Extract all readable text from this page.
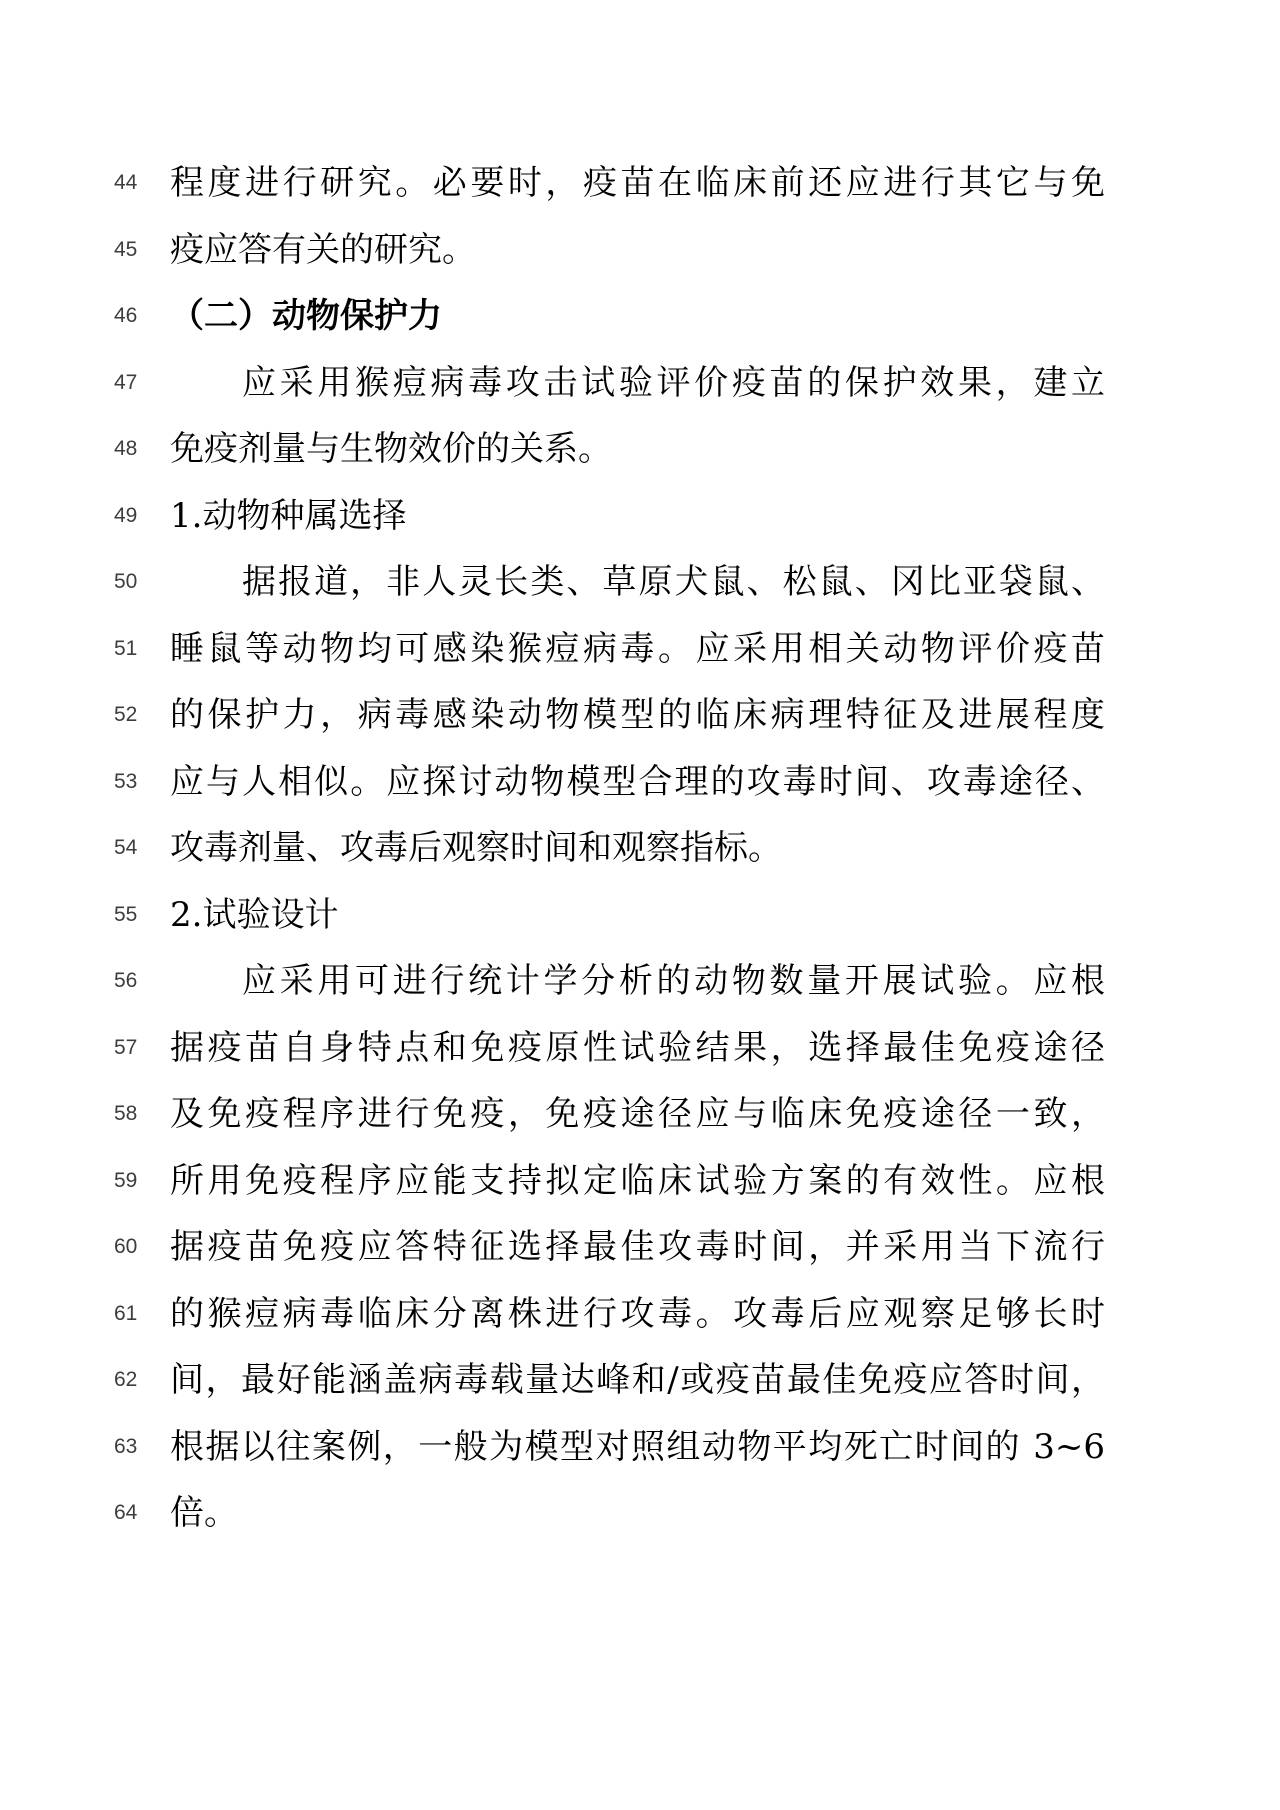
44 程度进行研究。必要时，疫苗在临床前还应进行其它与免
45 疫应答有关的研究。
46 （二）动物保护力
47	应采用猴痘病毒攻击试验评价疫苗的保护效果，建立
48 免疫剂量与生物效价的关系。
49 1.动物种属选择
50	据报道，非人灵长类、草原犬鼠、松鼠、冈比亚袋鼠、
51 睡鼠等动物均可感染猴痘病毒。应采用相关动物评价疫苗
52 的保护力，病毒感染动物模型的临床病理特征及进展程度
53 应与人相似。应探讨动物模型合理的攻毒时间、攻毒途径、
54 攻毒剂量、攻毒后观察时间和观察指标。
55 2.试验设计
56	应采用可进行统计学分析的动物数量开展试验。应根
57 据疫苗自身特点和免疫原性试验结果，选择最佳免疫途径
58 及免疫程序进行免疫，免疫途径应与临床免疫途径一致，
59 所用免疫程序应能支持拟定临床试验方案的有效性。应根
60 据疫苗免疫应答特征选择最佳攻毒时间，并采用当下流行
61 的猴痘病毒临床分离株进行攻毒。攻毒后应观察足够长时
62 间，最好能涵盖病毒载量达峰和/或疫苗最佳免疫应答时间，
63 根据以往案例，一般为模型对照组动物平均死亡时间的 3~6
64 倍。
